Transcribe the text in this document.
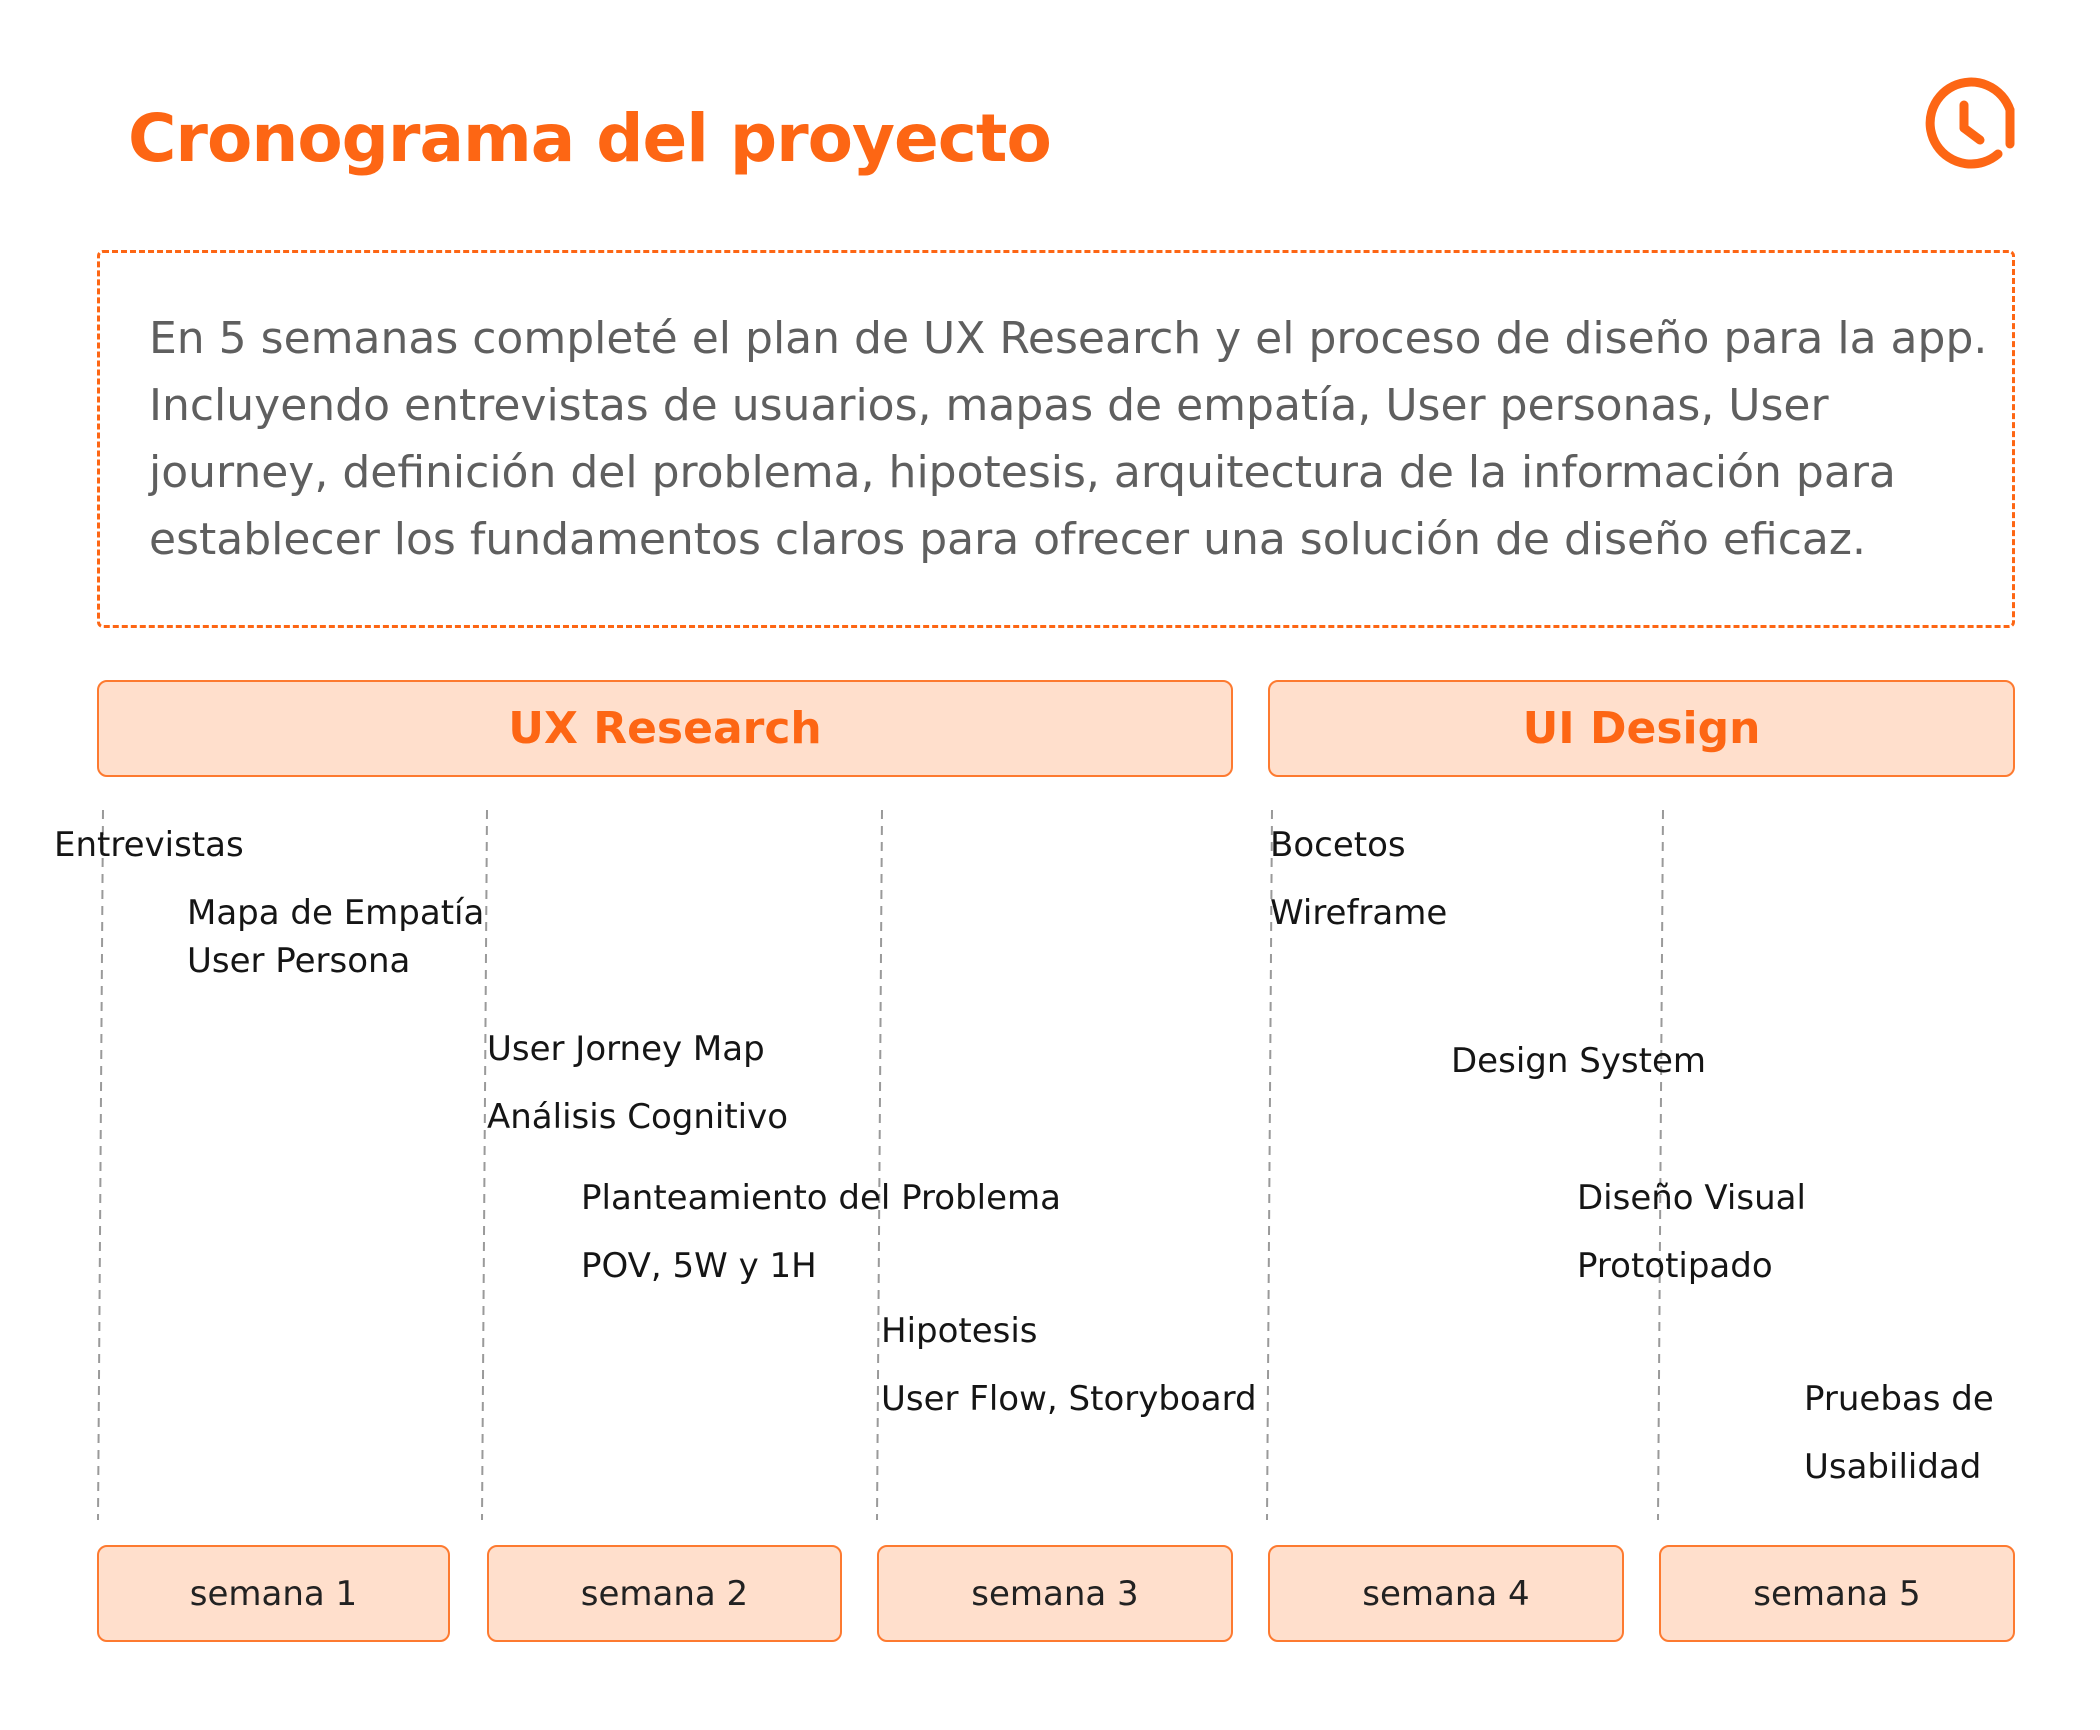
Cronograma del proyecto

En 5 semanas completé el plan de UX Research y el proceso de diseño para la app. Incluyendo entrevistas de usuarios, mapas de empatía, User personas, User journey, definición del problema, hipotesis, arquitectura de la información para establecer los fundamentos claros para ofrecer una solución de diseño eficaz.

UX Research	UI Design
Entrevistas
Mapa de Empatía
User Persona
User Jorney Map
Análisis Cognitivo
Planteamiento del Problema
POV, 5W y 1H
Hipotesis
User Flow, Storyboard
Bocetos
Wireframe
Design System
Diseño Visual
Prototipado
Pruebas de
Usabilidad
semana 1	semana 2	semana 3	semana 4	semana 5
